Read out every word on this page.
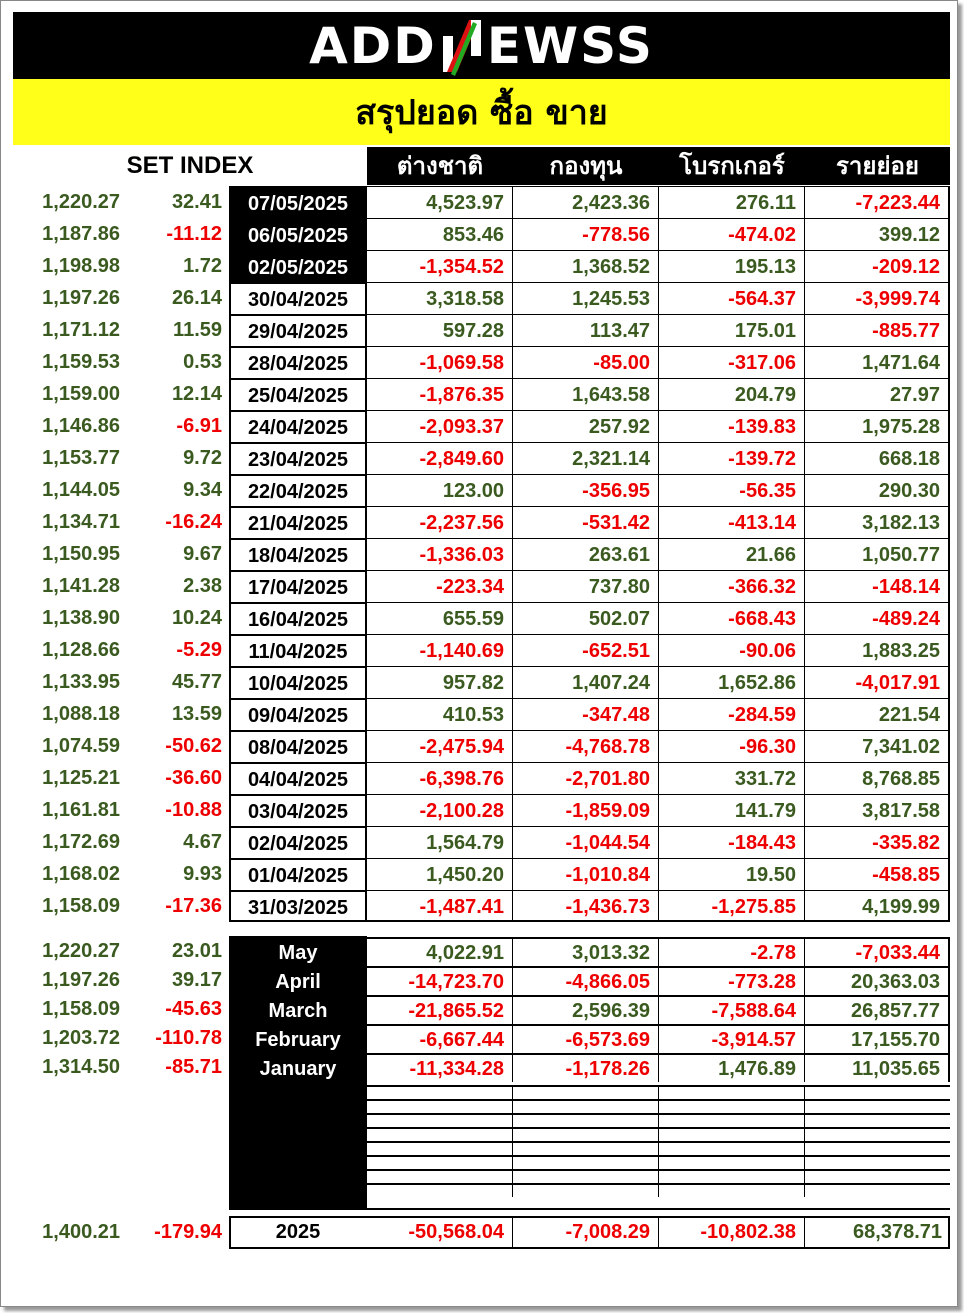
ADD EWSS
สรุปยอด ซื้อ ขาย
SET INDEX	ต่างชาติ	กองทุน	โบรกเกอร์	รายย่อย
1,220.27	32.41	07/05/2025	4,523.97	2,423.36	276.11	-7,223.44
1,187.86	-11.12	06/05/2025	853.46	-778.56	-474.02	399.12
1,198.98	1.72	02/05/2025	-1,354.52	1,368.52	195.13	-209.12
1,197.26	26.14	30/04/2025	3,318.58	1,245.53	-564.37	-3,999.74
1,171.12	11.59	29/04/2025	597.28	113.47	175.01	-885.77
1,159.53	0.53	28/04/2025	-1,069.58	-85.00	-317.06	1,471.64
1,159.00	12.14	25/04/2025	-1,876.35	1,643.58	204.79	27.97
1,146.86	-6.91	24/04/2025	-2,093.37	257.92	-139.83	1,975.28
1,153.77	9.72	23/04/2025	-2,849.60	2,321.14	-139.72	668.18
1,144.05	9.34	22/04/2025	123.00	-356.95	-56.35	290.30
1,134.71	-16.24	21/04/2025	-2,237.56	-531.42	-413.14	3,182.13
1,150.95	9.67	18/04/2025	-1,336.03	263.61	21.66	1,050.77
1,141.28	2.38	17/04/2025	-223.34	737.80	-366.32	-148.14
1,138.90	10.24	16/04/2025	655.59	502.07	-668.43	-489.24
1,128.66	-5.29	11/04/2025	-1,140.69	-652.51	-90.06	1,883.25
1,133.95	45.77	10/04/2025	957.82	1,407.24	1,652.86	-4,017.91
1,088.18	13.59	09/04/2025	410.53	-347.48	-284.59	221.54
1,074.59	-50.62	08/04/2025	-2,475.94	-4,768.78	-96.30	7,341.02
1,125.21	-36.60	04/04/2025	-6,398.76	-2,701.80	331.72	8,768.85
1,161.81	-10.88	03/04/2025	-2,100.28	-1,859.09	141.79	3,817.58
1,172.69	4.67	02/04/2025	1,564.79	-1,044.54	-184.43	-335.82
1,168.02	9.93	01/04/2025	1,450.20	-1,010.84	19.50	-458.85
1,158.09	-17.36	31/03/2025	-1,487.41	-1,436.73	-1,275.85	4,199.99
1,220.27	23.01	May	4,022.91	3,013.32	-2.78	-7,033.44
1,197.26	39.17	April	-14,723.70	-4,866.05	-773.28	20,363.03
1,158.09	-45.63	March	-21,865.52	2,596.39	-7,588.64	26,857.77
1,203.72	-110.78	February	-6,667.44	-6,573.69	-3,914.57	17,155.70
1,314.50	-85.71	January	-11,334.28	-1,178.26	1,476.89	11,035.65
1,400.21	-179.94	2025	-50,568.04	-7,008.29	-10,802.38	68,378.71
